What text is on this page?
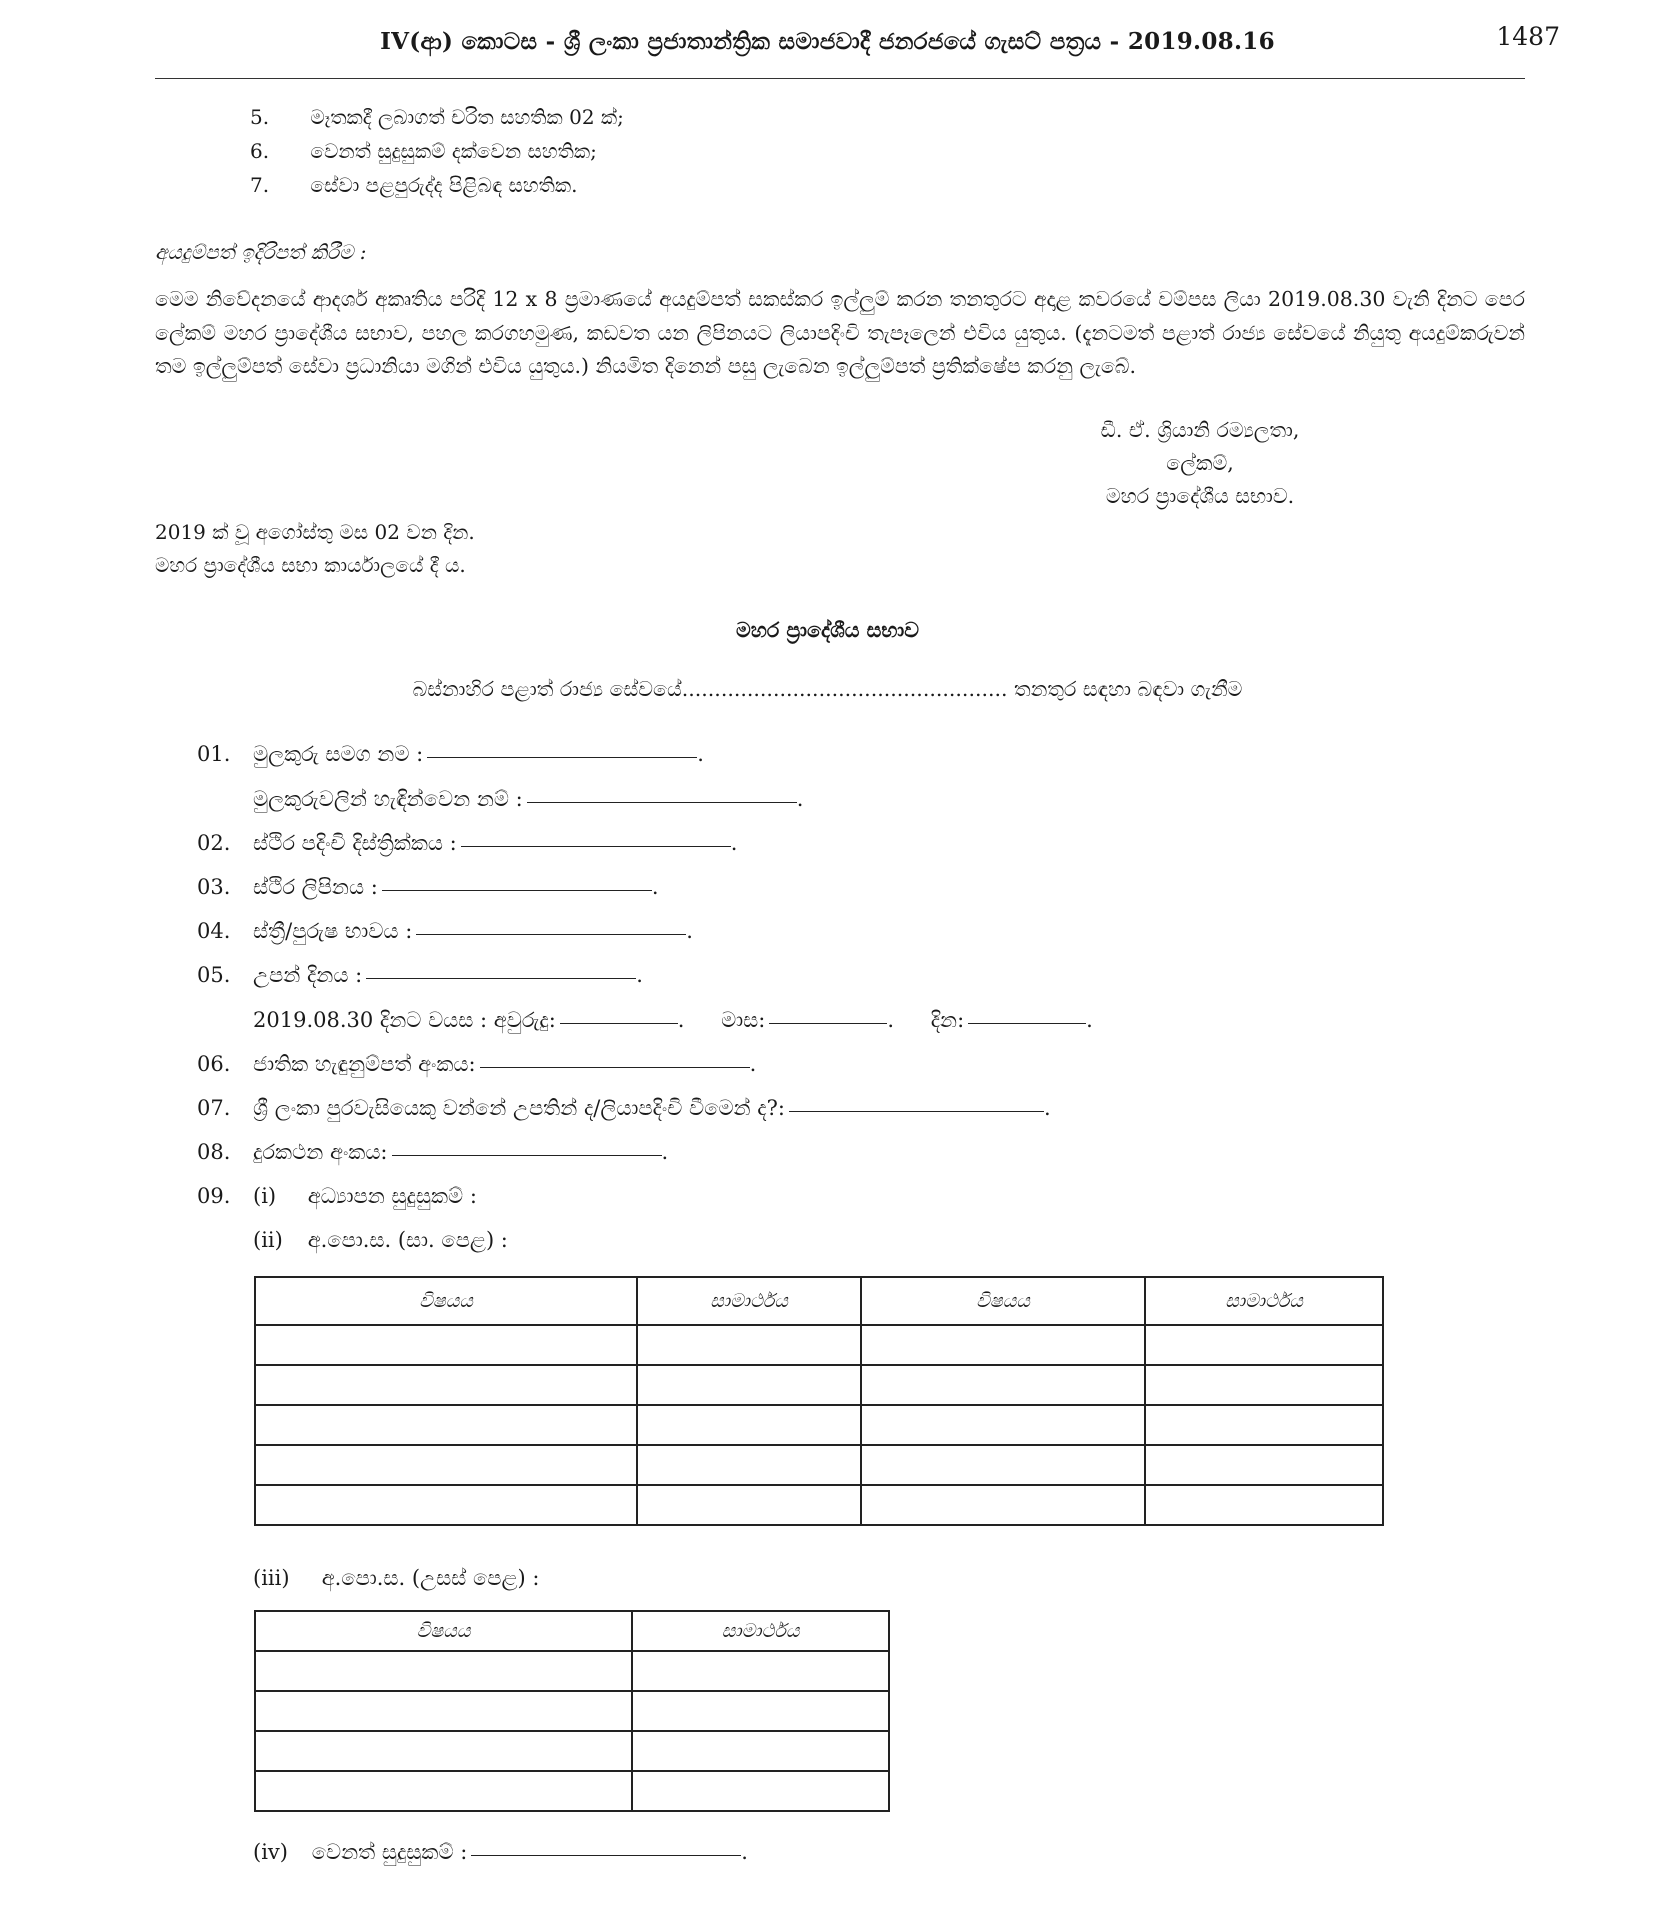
IV(ආ) කොටස - ශ්‍රී ලංකා ප්‍රජාතාන්ත්‍රික සමාජවාදී ජනරජයේ ගැසට් පත්‍රය - 2019.08.16	1487
5. මෑතකදී ලබාගත් චරිත සහතික 02 ක්;
6. වෙනත් සුදුසුකම් දක්වෙන සහතික;
7. සේවා පළපුරුද්ද පිළිබඳ සහතික.
අයදුම්පත් ඉදිරිපත් කිරීම :
මෙම නිවේදනයේ ආදර්ශ අකෘතිය පරිදි 12 x 8 ප්‍රමාණයේ අයදුම්පත් සකස්කර ඉල්ලුම් කරන තනතුරට අදාළ කවරයේ වම්පස ලියා 2019.08.30 වැනි දිනට පෙර ලේකම් මහර ප්‍රාදේශීය සභාව, පහල කරගහමුණ, කඩවත යන ලිපිනයට ලියාපදිංචි තැපෑලෙන් එවිය යුතුය. (දැනටමත් පළාත් රාජ්‍ය සේවයේ නියුතු අයදුම්කරුවන් තම ඉල්ලුම්පත් සේවා ප්‍රධානියා මගින් එවිය යුතුය.) නියමිත දිනෙන් පසු ලැබෙන ඉල්ලුම්පත් ප්‍රතික්ෂේප කරනු ලැබේ.
ඩී. ඒ. ශ්‍රියානි රම්‍යලතා,
ලේකම්,
මහර ප්‍රාදේශීය සභාව.
2019 ක් වූ අගෝස්තු මස 02 වන දින.
මහර ප්‍රාදේශීය සභා කාර්යාලයේ දී ය.
මහර ප්‍රාදේශීය සභාව
බස්නාහිර පළාත් රාජ්‍ය සේවයේ.................................................. තනතුර සඳහා බඳවා ගැනීම
01.	මුලකුරු සමග නම :	.
මුලකුරුවලින් හැඳින්වෙන නම් :	.
02.	ස්ථිර පදිංචි දිස්ත්‍රික්කය :	.
03.	ස්ථිර ලිපිනය :	.
04.	ස්ත්‍රී/පුරුෂ භාවය :	.
05.	උපන් දිනය :	.
2019.08.30 දිනට වයස : අවුරුදු:	. මාස:	. දින:	.
06.	ජාතික හැඳුනුම්පත් අංකය:	.
07.	ශ්‍රී ලංකා පුරවැසියෙකු වන්නේ උපතින් ද/ලියාපදිංචි වීමෙන් ද?:	.
08.	දුරකථන අංකය:	.
09.	(i) අධ්‍යාපන සුදුසුකම් :
(ii) අ.පො.ස. (සා. පෙළ) :
විෂයය	සාමාර්ථය	විෂයය	සාමාර්ථය

(iii) අ.පො.ස. (උසස් පෙළ) :
විෂයය	සාමාර්ථය

(iv) වෙනත් සුදුසුකම් :	.
